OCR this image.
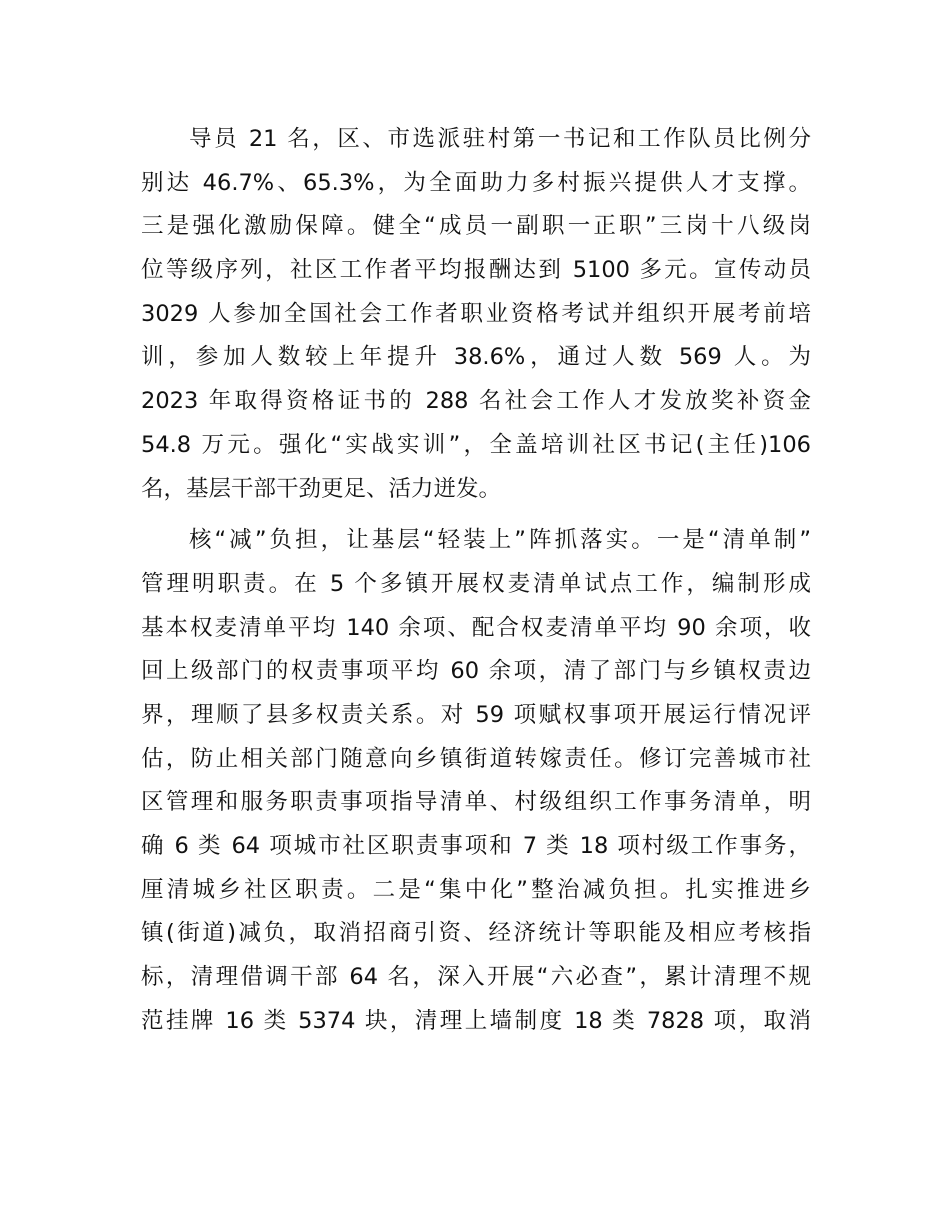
导员 21 名，区、市选派驻村第一书记和工作队员比例分
别达 46.7%、65.3%，为全面助力多村振兴提供人才支撑。
三是强化激励保障。健全“成员一副职一正职”三岗十八级岗
位等级序列，社区工作者平均报酬达到 5100 多元。宣传动员
3029 人参加全国社会工作者职业资格考试并组织开展考前培
训，参加人数较上年提升 38.6%，通过人数 569 人。为
2023 年取得资格证书的 288 名社会工作人才发放奖补资金
54.8 万元。强化“实战实训”，全盖培训社区书记(主任)106
名，基层干部干劲更足、活力迸发。
核“减”负担，让基层“轻装上”阵抓落实。一是“清单制”
管理明职责。在 5 个多镇开展权麦清单试点工作，编制形成
基本权麦清单平均 140 余项、配合权麦清单平均 90 余项，收
回上级部门的权责事项平均 60 余项，清了部门与乡镇权责边
界，理顺了县多权责关系。对 59 项赋权事项开展运行情况评
估，防止相关部门随意向乡镇街道转嫁责任。修订完善城市社
区管理和服务职责事项指导清单、村级组织工作事务清单，明
确 6 类 64 项城市社区职责事项和 7 类 18 项村级工作事务，
厘清城乡社区职责。二是“集中化”整治减负担。扎实推进乡
镇(街道)减负，取消招商引资、经济统计等职能及相应考核指
标，清理借调干部 64 名，深入开展“六必查”，累计清理不规
范挂牌 16 类 5374 块，清理上墙制度 18 类 7828 项，取消
